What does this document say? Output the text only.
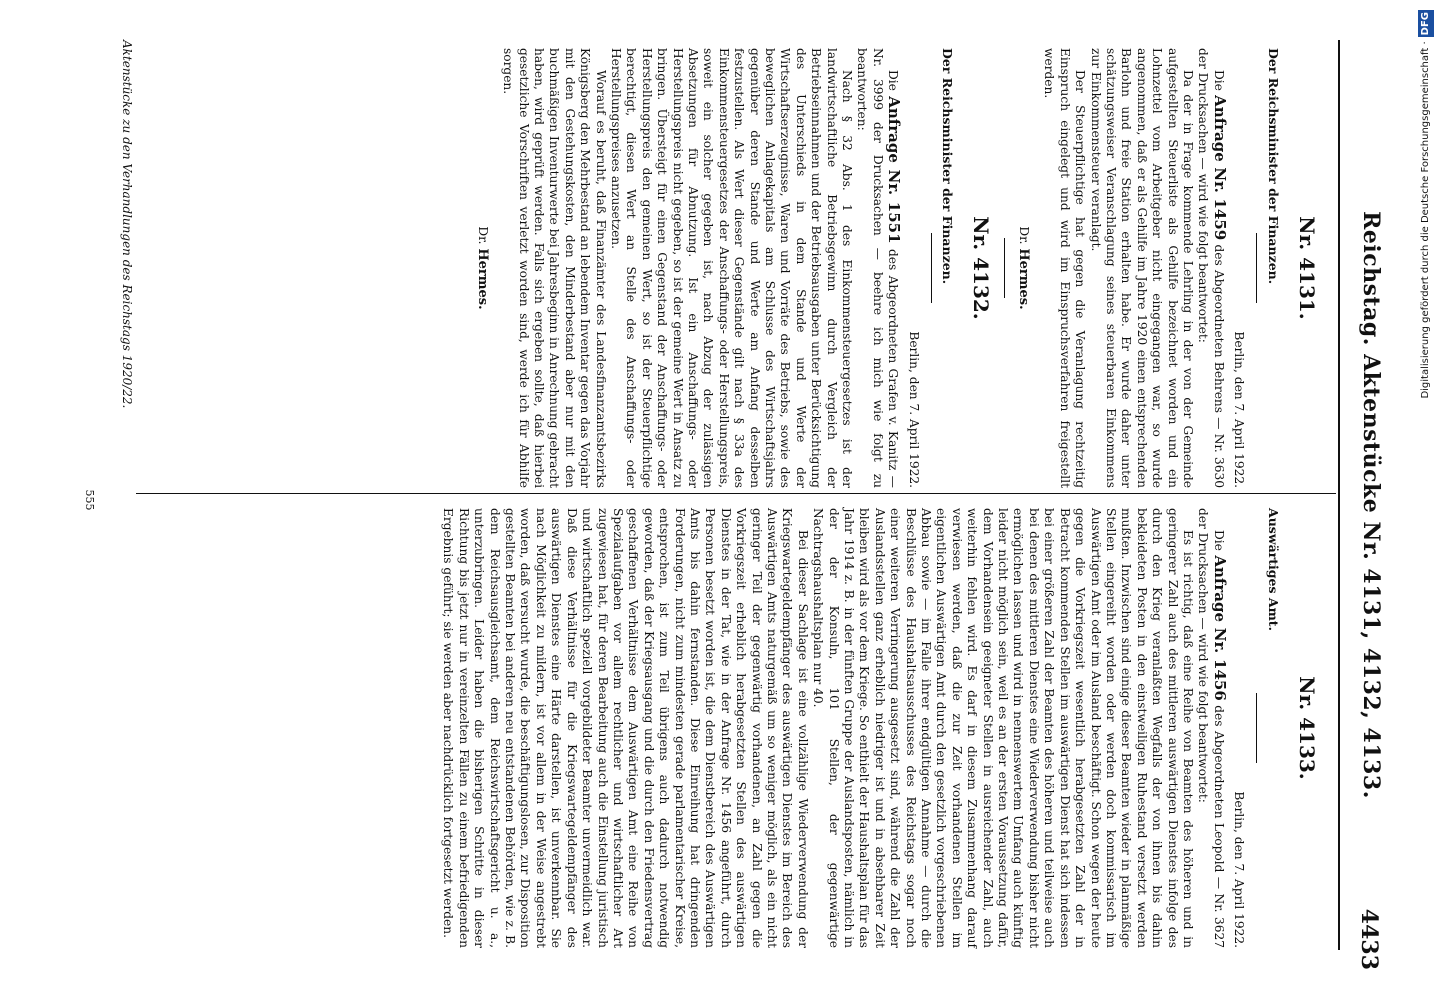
Reichstag. Aktenstücke Nr. 4131, 4132, 4133.
4433
Nr. 4131.
Der Reichsminister der Finanzen.
Berlin, den 7. April 1922.

Die Anfrage Nr. 1459 des Abgeordneten Behrens — Nr. 3630 der Drucksachen — wird wie folgt beantwortet:

Da der in Frage kommende Lehrling in der von der Gemeinde aufgestellten Steuerliste als Gehilfe bezeichnet worden und ein Lohnzettel vom Arbeitgeber nicht eingegangen war, so wurde angenommen, daß er als Gehilfe im Jahre 1920 einen entsprechenden Barlohn und freie Station erhalten habe. Er wurde daher unter schätzungsweiser Veranschlagung seines steuerbaren Einkommens zur Einkommensteuer veranlagt.

Der Steuerpflichtige hat gegen die Veranlagung rechtzeitig Einspruch eingelegt und wird im Einspruchsverfahren freigestellt werden.

Dr. Hermes.
Nr. 4132.
Der Reichsminister der Finanzen.
Berlin, den 7. April 1922.

Die Anfrage Nr. 1551 des Abgeordneten Grafen v. Kanitz — Nr. 3999 der Drucksachen — beehre ich mich wie folgt zu beantworten:

Nach § 32 Abs. 1 des Einkommensteuergesetzes ist der landwirtschaftliche Betriebsgewinn durch Vergleich der Betriebseinnahmen und der Betriebsausgaben unter Berücksichtigung des Unterschieds in dem Stande und Werte der Wirtschaftserzeugnisse, Waren und Vorräte des Betriebs, sowie des beweglichen Anlagekapitals am Schlusse des Wirtschaftsjahrs gegenüber deren Stande und Werte am Anfang desselben festzustellen. Als Wert dieser Gegenstände gilt nach § 33a des Einkommensteuergesetzes der Anschaffungs- oder Herstellungspreis, soweit ein solcher gegeben ist, nach Abzug der zulässigen Absetzungen für Abnutzung. Ist ein Anschaffungs- oder Herstellungspreis nicht gegeben, so ist der gemeine Wert in Ansatz zu bringen. Übersteigt für einen Gegenstand der Anschaffungs- oder Herstellungspreis den gemeinen Wert, so ist der Steuerpflichtige berechtigt, diesen Wert an Stelle des Anschaffungs- oder Herstellungspreises anzusetzen.

Worauf es beruht, daß Finanzämter des Landesfinanzamtsbezirks Königsberg den Mehrbestand an lebendem Inventar gegen das Vorjahr mit den Gestehungskosten, den Minderbestand aber nur mit den buchmäßigen Inventurwerte bei Jahresbeginn in Anrechnung gebracht haben, wird geprüft werden. Falls sich ergeben sollte, daß hierbei gesetzliche Vorschriften verletzt worden sind, werde ich für Abhilfe sorgen.

Dr. Hermes.
Nr. 4133.
Auswärtiges Amt.
Berlin, den 7. April 1922.

Die Anfrage Nr. 1456 des Abgeordneten Leopold — Nr. 3627 der Drucksachen — wird wie folgt beantwortet:

Es ist richtig, daß eine Reihe von Beamten des höheren und in geringerer Zahl auch des mittleren auswärtigen Dienstes infolge des durch den Krieg veranlaßten Wegfalls der von ihnen bis dahin bekleideten Posten in den einstweiligen Ruhestand versetzt werden mußten. Inzwischen sind einige dieser Beamten wieder in planmäßige Stellen eingereiht worden oder werden doch kommissarisch im Auswärtigen Amt oder im Ausland beschäftigt. Schon wegen der heute gegen die Vorkriegszeit wesentlich herabgesetzten Zahl der in Betracht kommenden Stellen im auswärtigen Dienst hat sich indessen bei einer größeren Zahl der Beamten des höheren und teilweise auch bei denen des mittleren Dienstes eine Wiederverwendung bisher nicht ermöglichen lassen und wird in nennenswertem Umfang auch künftig leider nicht möglich sein, weil es an der ersten Voraussetzung dafür, dem Vorhandensein geeigneter Stellen in ausreichender Zahl, auch weiterhin fehlen wird. Es darf in diesem Zusammenhang darauf verwiesen werden, daß die zur Zeit vorhandenen Stellen im eigentlichen Auswärtigen Amt durch den gesetzlich vorgeschriebenen Abbau sowie — im Falle ihrer endgültigen Annahme — durch die Beschlüsse des Haushaltsausschusses des Reichstags sogar noch einer weiteren Verringerung ausgesetzt sind, während die Zahl der Auslandsstellen ganz erheblich niedriger ist und in absehbarer Zeit bleiben wird als vor dem Kriege. So enthielt der Haushaltsplan für das Jahr 1914 z. B. in der fünften Gruppe der Auslandsposten, nämlich in der der Konsuln, 101 Stellen, der gegenwärtige Nachtragshaushaltsplan nur 40.

Bei dieser Sachlage ist eine vollzählige Wiederverwendung der Kriegswartegeldempfänger des auswärtigen Dienstes im Bereich des Auswärtigen Amts naturgemäß um so weniger möglich, als ein nicht geringer Teil der gegenwärtig vorhandenen, an Zahl gegen die Vorkriegszeit erheblich herabgesetzten Stellen des auswärtigen Dienstes in der Tat, wie in der Anfrage Nr. 1456 angeführt, durch Personen besetzt worden ist, die dem Dienstbereich des Auswärtigen Amts bis dahin fernstanden. Diese Einreihung hat dringenden Forderungen, nicht zum mindesten gerade parlamentarischer Kreise, entsprochen, ist zum Teil übrigens auch dadurch notwendig geworden, daß der Kriegsausgang und die durch den Friedensvertrag geschaffenen Verhältnisse dem Auswärtigen Amt eine Reihe von Spezialaufgaben vor allem rechtlicher und wirtschaftlicher Art zugewiesen hat, für deren Bearbeitung auch die Einstellung juristisch und wirtschaftlich speziell vorgebildeter Beamter unvermeidlich war. Daß diese Verhältnisse für die Kriegswartegeldempfänger des auswärtigen Dienstes eine Härte darstellen, ist unverkennbar. Sie nach Möglichkeit zu mildern, ist vor allem in der Weise angestrebt worden, daß versucht wurde, die beschäftigungslosen, zur Disposition gestellten Beamten bei anderen neu entstandenen Behörden, wie z. B. dem Reichsausgleichsamt, dem Reichswirtschaftsgericht u. a., unterzubringen. Leider haben die bisherigen Schritte in dieser Richtung bis jetzt nur in vereinzelten Fällen zu einem befriedigenden Ergebnis geführt; sie werden aber nachdrücklich fortgesetzt werden.

Aktenstücke zu den Verhandlungen des Reichstags 1920/22.
555
Digitalisierung gefördert durch die Deutsche Forschungsgemeinschaft ·DFG
